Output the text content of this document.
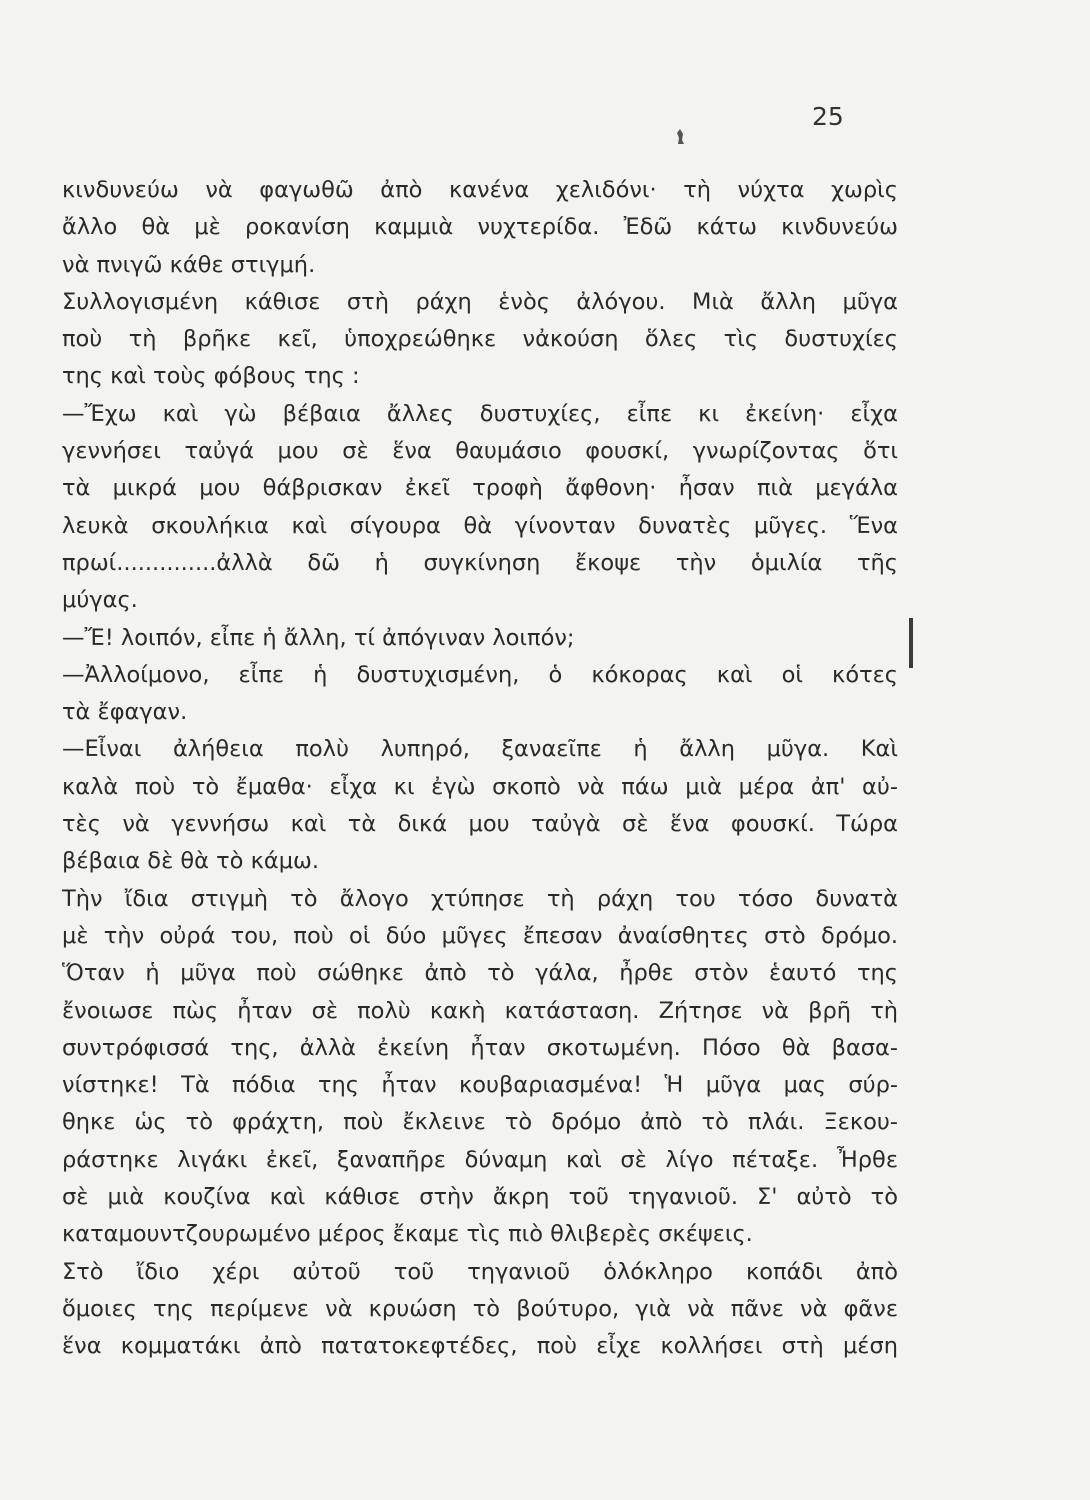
25
κινδυνεύω νὰ φαγωθῶ ἀπὸ κανένα χελιδόνι· τὴ νύχτα χωρὶς
ἄλλο θὰ μὲ ροκανίση καμμιὰ νυχτερίδα. Ἐδῶ κάτω κινδυνεύω
νὰ πνιγῶ κάθε στιγμή.
Συλλογισμένη κάθισε στὴ ράχη ἑνὸς ἀλόγου. Μιὰ ἄλλη μῦγα
ποὺ τὴ βρῆκε κεῖ, ὑποχρεώθηκε νἀκούση ὅλες τὶς δυστυχίες
της καὶ τοὺς φόβους της :
—Ἔχω καὶ γὼ βέβαια ἄλλες δυστυχίες, εἶπε κι ἐκείνη· εἶχα
γεννήσει ταὐγά μου σὲ ἕνα θαυμάσιο φουσκί, γνωρίζοντας ὅτι
τὰ μικρά μου θάβρισκαν ἐκεῖ τροφὴ ἄφθονη· ἦσαν πιὰ μεγάλα
λευκὰ σκουλήκια καὶ σίγουρα θὰ γίνονταν δυνατὲς μῦγες. Ἕνα
πρωί..............ἀλλὰ δῶ ἡ συγκίνηση ἔκοψε τὴν ὁμιλία τῆς
μύγας.
—Ἔ! λοιπόν, εἶπε ἡ ἄλλη, τί ἀπόγιναν λοιπόν;
—Ἀλλοίμονο, εἶπε ἡ δυστυχισμένη, ὁ κόκορας καὶ οἱ κότες
τὰ ἔφαγαν.
—Εἶναι ἀλήθεια πολὺ λυπηρό, ξαναεῖπε ἡ ἄλλη μῦγα. Καὶ
καλὰ ποὺ τὸ ἔμαθα· εἶχα κι ἐγὼ σκοπὸ νὰ πάω μιὰ μέρα ἀπ' αὐ-
τὲς νὰ γεννήσω καὶ τὰ δικά μου ταὐγὰ σὲ ἕνα φουσκί. Τώρα
βέβαια δὲ θὰ τὸ κάμω.
Τὴν ἴδια στιγμὴ τὸ ἄλογο χτύπησε τὴ ράχη του τόσο δυνατὰ
μὲ τὴν οὐρά του, ποὺ οἱ δύο μῦγες ἔπεσαν ἀναίσθητες στὸ δρόμο.
Ὅταν ἡ μῦγα ποὺ σώθηκε ἀπὸ τὸ γάλα, ἦρθε στὸν ἑαυτό της
ἔνοιωσε πὼς ἦταν σὲ πολὺ κακὴ κατάσταση. Ζήτησε νὰ βρῆ τὴ
συντρόφισσά της, ἀλλὰ ἐκείνη ἦταν σκοτωμένη. Πόσο θὰ βασα-
νίστηκε! Τὰ πόδια της ἦταν κουβαριασμένα! Ἡ μῦγα μας σύρ-
θηκε ὡς τὸ φράχτη, ποὺ ἔκλεινε τὸ δρόμο ἀπὸ τὸ πλάι. Ξεκου-
ράστηκε λιγάκι ἐκεῖ, ξαναπῆρε δύναμη καὶ σὲ λίγο πέταξε. Ἦρθε
σὲ μιὰ κουζίνα καὶ κάθισε στὴν ἄκρη τοῦ τηγανιοῦ. Σ' αὐτὸ τὸ
καταμουντζουρωμένο μέρος ἔκαμε τὶς πιὸ θλιβερὲς σκέψεις.
Στὸ ἴδιο χέρι αὐτοῦ τοῦ τηγανιοῦ ὁλόκληρο κοπάδι ἀπὸ
ὅμοιες της περίμενε νὰ κρυώση τὸ βούτυρο, γιὰ νὰ πᾶνε νὰ φᾶνε
ἕνα κομματάκι ἀπὸ πατατοκεφτέδες, ποὺ εἶχε κολλήσει στὴ μέση
